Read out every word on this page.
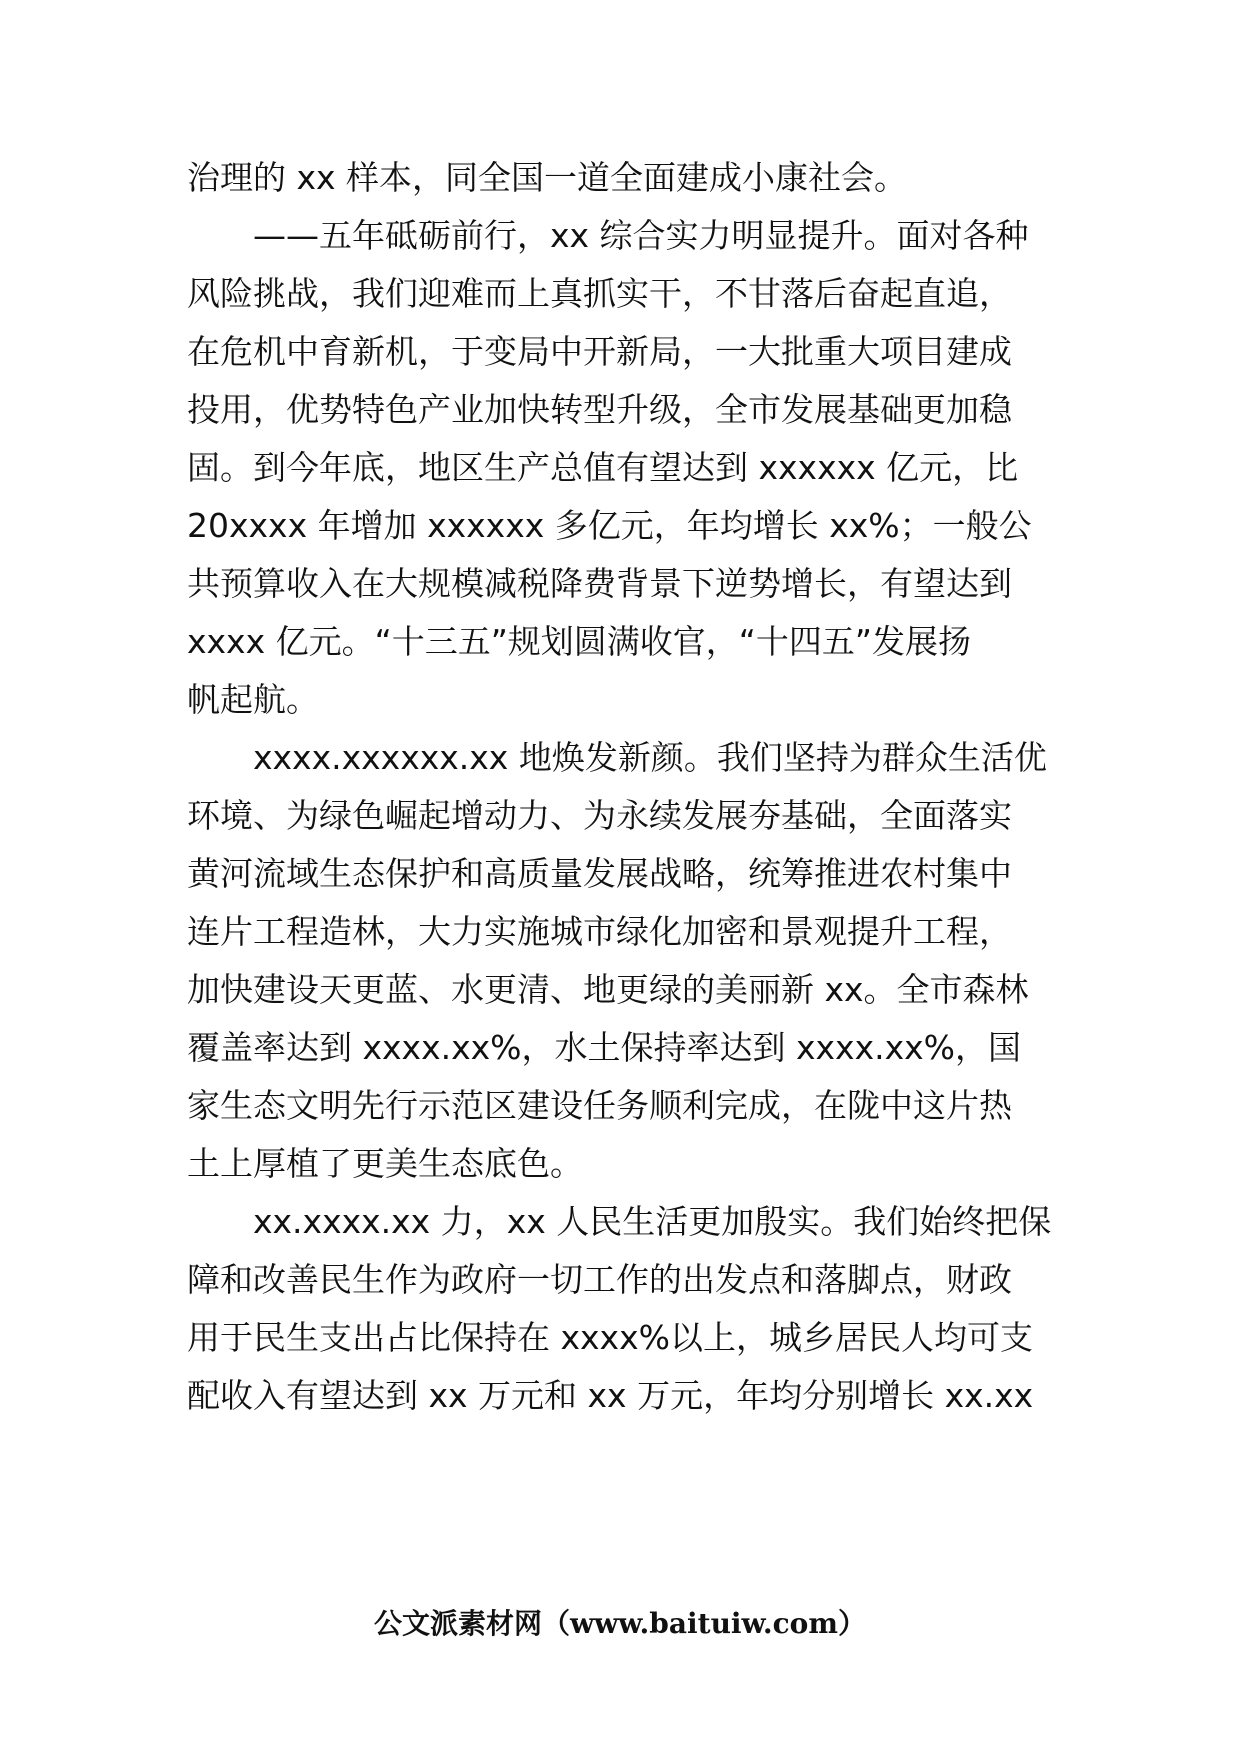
治理的 xx 样本，同全国一道全面建成小康社会。
——五年砥砺前行，xx 综合实力明显提升。面对各种
风险挑战，我们迎难而上真抓实干，不甘落后奋起直追，
在危机中育新机，于变局中开新局，一大批重大项目建成
投用，优势特色产业加快转型升级，全市发展基础更加稳
固。到今年底，地区生产总值有望达到 xxxxxx 亿元，比
20xxxx 年增加 xxxxxx 多亿元，年均增长 xx%；一般公
共预算收入在大规模减税降费背景下逆势增长，有望达到
xxxx 亿元。“十三五”规划圆满收官，“十四五”发展扬
帆起航。
xxxx.xxxxxx.xx 地焕发新颜。我们坚持为群众生活优
环境、为绿色崛起增动力、为永续发展夯基础，全面落实
黄河流域生态保护和高质量发展战略，统筹推进农村集中
连片工程造林，大力实施城市绿化加密和景观提升工程，
加快建设天更蓝、水更清、地更绿的美丽新 xx。全市森林
覆盖率达到 xxxx.xx%，水土保持率达到 xxxx.xx%，国
家生态文明先行示范区建设任务顺利完成，在陇中这片热
土上厚植了更美生态底色。
xx.xxxx.xx 力，xx 人民生活更加殷实。我们始终把保
障和改善民生作为政府一切工作的出发点和落脚点，财政
用于民生支出占比保持在 xxxx%以上，城乡居民人均可支
配收入有望达到 xx 万元和 xx 万元，年均分别增长 xx.xx
公文派素材网（www.baituiw.com）
